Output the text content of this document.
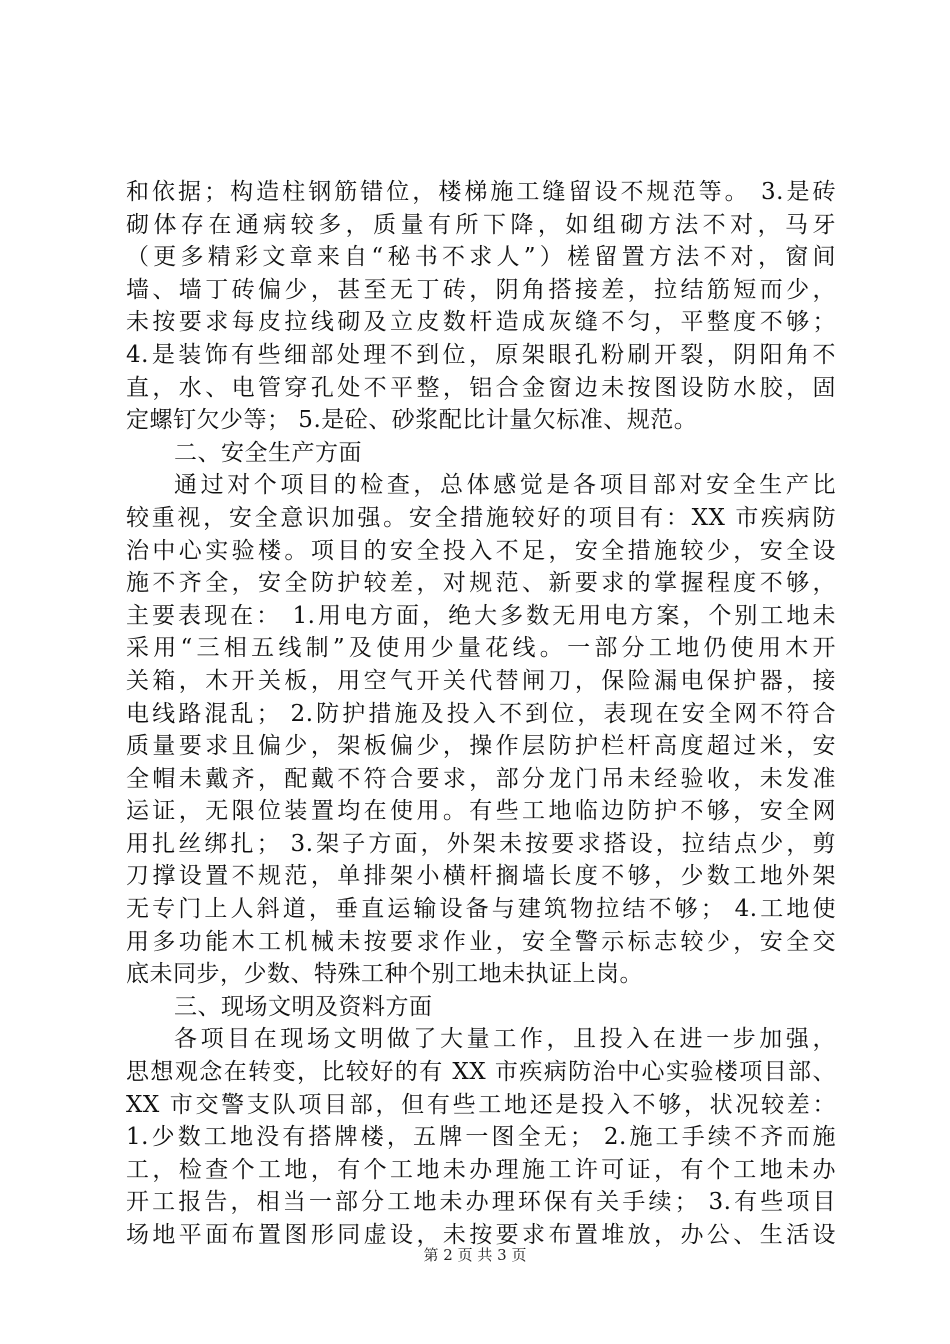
和依据；构造柱钢筋错位，楼梯施工缝留设不规范等。 3.是砖
砌体存在通病较多，质量有所下降，如组砌方法不对，马牙
（更多精彩文章来自“秘书不求人”）槎留置方法不对，窗间
墙、墙丁砖偏少，甚至无丁砖，阴角搭接差，拉结筋短而少，
未按要求每皮拉线砌及立皮数杆造成灰缝不匀，平整度不够；
4.是装饰有些细部处理不到位，原架眼孔粉刷开裂，阴阳角不
直，水、电管穿孔处不平整，铝合金窗边未按图设防水胶，固
定螺钉欠少等； 5.是砼、砂浆配比计量欠标准、规范。
二、安全生产方面
通过对个项目的检查，总体感觉是各项目部对安全生产比
较重视，安全意识加强。安全措施较好的项目有：XX 市疾病防
治中心实验楼。项目的安全投入不足，安全措施较少，安全设
施不齐全，安全防护较差，对规范、新要求的掌握程度不够，
主要表现在： 1.用电方面，绝大多数无用电方案，个别工地未
采用“三相五线制”及使用少量花线。一部分工地仍使用木开
关箱，木开关板，用空气开关代替闸刀，保险漏电保护器，接
电线路混乱； 2.防护措施及投入不到位，表现在安全网不符合
质量要求且偏少，架板偏少，操作层防护栏杆高度超过米，安
全帽未戴齐，配戴不符合要求，部分龙门吊未经验收，未发准
运证，无限位装置均在使用。有些工地临边防护不够，安全网
用扎丝绑扎； 3.架子方面，外架未按要求搭设，拉结点少，剪
刀撑设置不规范，单排架小横杆搁墙长度不够，少数工地外架
无专门上人斜道，垂直运输设备与建筑物拉结不够； 4.工地使
用多功能木工机械未按要求作业，安全警示标志较少，安全交
底未同步，少数、特殊工种个别工地未执证上岗。
三、现场文明及资料方面
各项目在现场文明做了大量工作，且投入在进一步加强，
思想观念在转变，比较好的有 XX 市疾病防治中心实验楼项目部、
XX 市交警支队项目部，但有些工地还是投入不够，状况较差：
1.少数工地没有搭牌楼，五牌一图全无； 2.施工手续不齐而施
工，检查个工地，有个工地未办理施工许可证，有个工地未办
开工报告，相当一部分工地未办理环保有关手续； 3.有些项目
场地平面布置图形同虚设，未按要求布置堆放，办公、生活设
第 2 页 共 3 页
